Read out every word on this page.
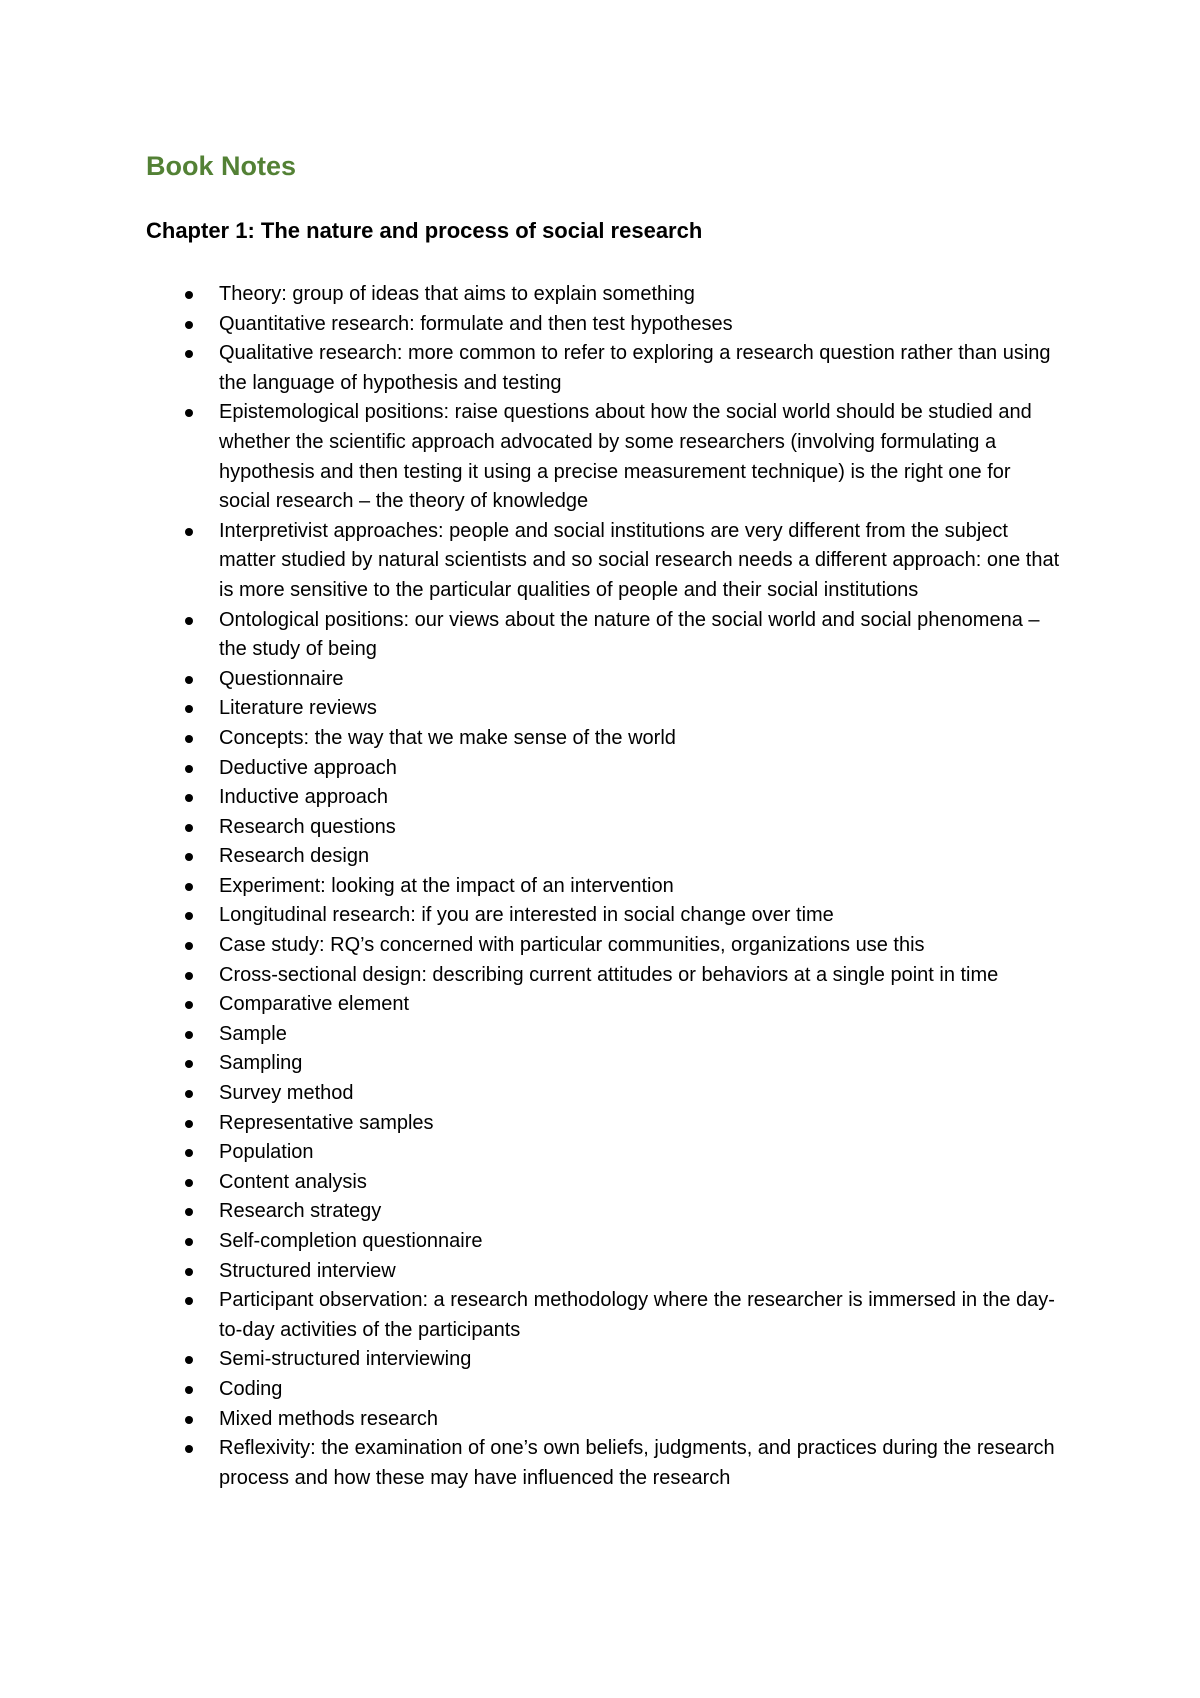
Book Notes
Chapter 1: The nature and process of social research
Theory: group of ideas that aims to explain something
Quantitative research: formulate and then test hypotheses
Qualitative research: more common to refer to exploring a research question rather than using the language of hypothesis and testing
Epistemological positions: raise questions about how the social world should be studied and whether the scientific approach advocated by some researchers (involving formulating a hypothesis and then testing it using a precise measurement technique) is the right one for social research – the theory of knowledge
Interpretivist approaches: people and social institutions are very different from the subject matter studied by natural scientists and so social research needs a different approach: one that is more sensitive to the particular qualities of people and their social institutions
Ontological positions: our views about the nature of the social world and social phenomena – the study of being
Questionnaire
Literature reviews
Concepts: the way that we make sense of the world
Deductive approach
Inductive approach
Research questions
Research design
Experiment: looking at the impact of an intervention
Longitudinal research: if you are interested in social change over time
Case study: RQ’s concerned with particular communities, organizations use this
Cross-sectional design: describing current attitudes or behaviors at a single point in time
Comparative element
Sample
Sampling
Survey method
Representative samples
Population
Content analysis
Research strategy
Self-completion questionnaire
Structured interview
Participant observation: a research methodology where the researcher is immersed in the day-to-day activities of the participants
Semi-structured interviewing
Coding
Mixed methods research
Reflexivity: the examination of one’s own beliefs, judgments, and practices during the research process and how these may have influenced the research
